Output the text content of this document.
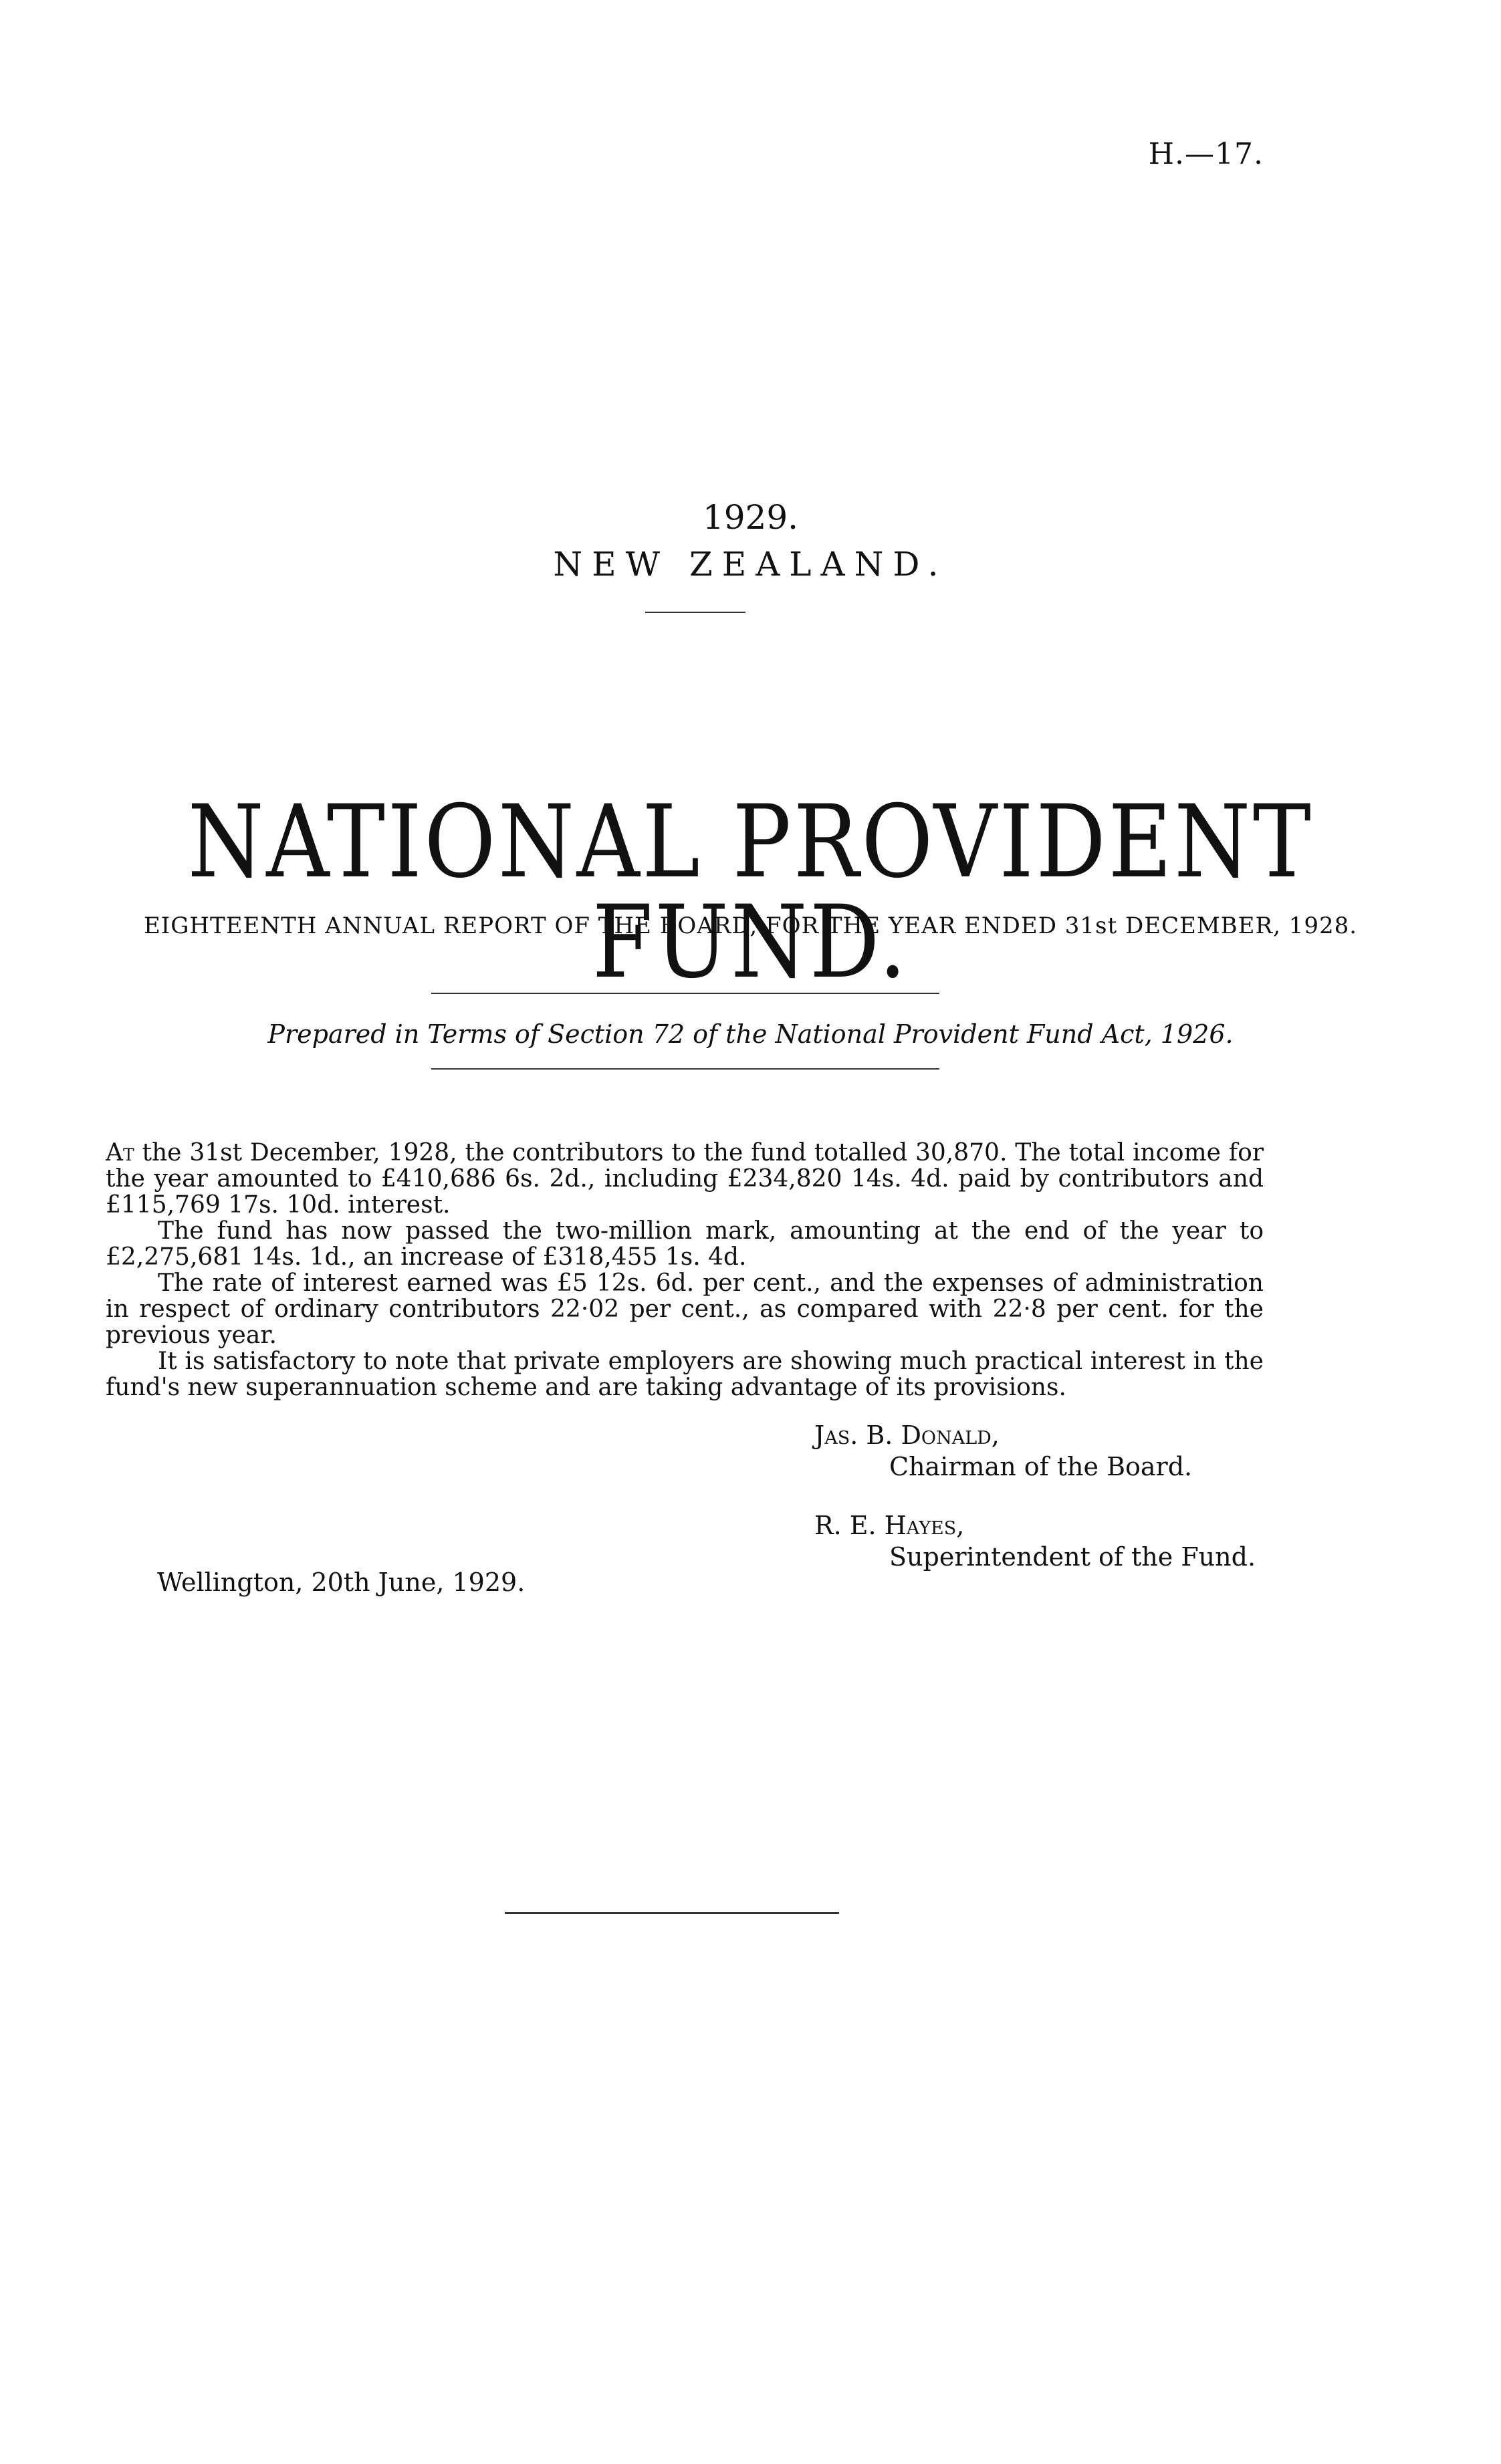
H.—17.
1929.
NEW ZEALAND.
NATIONAL PROVIDENT FUND.
EIGHTEENTH ANNUAL REPORT OF THE BOARD, FOR THE YEAR ENDED 31st DECEMBER, 1928.
Prepared in Terms of Section 72 of the National Provident Fund Act, 1926.

At the 31st December, 1928, the contributors to the fund totalled 30,870. The total income for the year amounted to £410,686 6s. 2d., including £234,820 14s. 4d. paid by contributors and £115,769 17s. 10d. interest.

The fund has now passed the two-million mark, amounting at the end of the year to £2,275,681 14s. 1d., an increase of £318,455 1s. 4d.

The rate of interest earned was £5 12s. 6d. per cent., and the expenses of administration in respect of ordinary contributors 22·02 per cent., as compared with 22·8 per cent. for the previous year.

It is satisfactory to note that private employers are showing much practical interest in the fund's new superannuation scheme and are taking advantage of its provisions.

Jas. B. Donald,
Chairman of the Board.
R. E. Hayes,
Superintendent of the Fund.
Wellington, 20th June, 1929.
